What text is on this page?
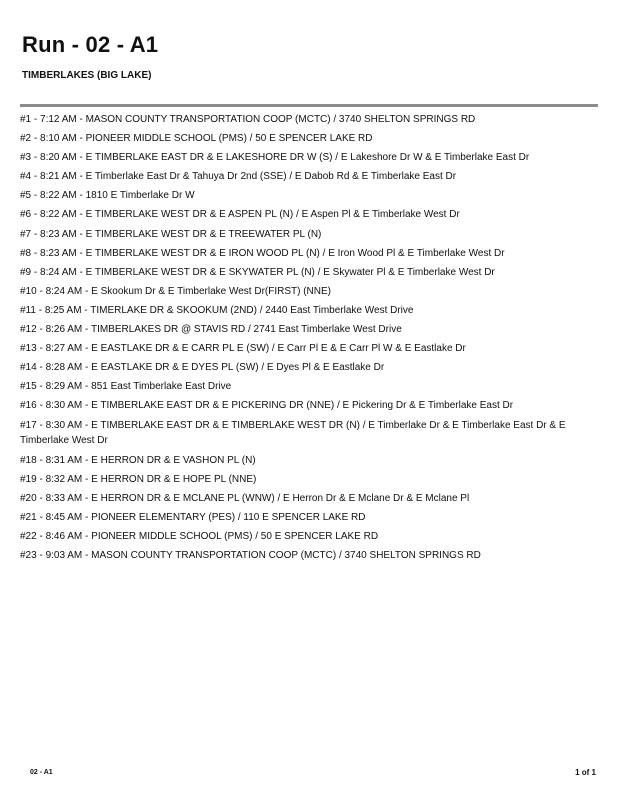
Run - 02 - A1
TIMBERLAKES (BIG LAKE)
#1 - 7:12 AM - MASON COUNTY TRANSPORTATION COOP (MCTC) / 3740 SHELTON SPRINGS RD
#2 - 8:10 AM - PIONEER MIDDLE SCHOOL (PMS) / 50 E SPENCER LAKE RD
#3 - 8:20 AM - E TIMBERLAKE EAST DR & E LAKESHORE DR W (S) / E Lakeshore Dr W & E Timberlake East Dr
#4 - 8:21 AM - E Timberlake East Dr & Tahuya Dr 2nd (SSE) / E Dabob Rd & E Timberlake East Dr
#5 - 8:22 AM - 1810 E Timberlake Dr W
#6 - 8:22 AM - E TIMBERLAKE WEST DR & E ASPEN PL (N) / E Aspen Pl & E Timberlake West Dr
#7 - 8:23 AM - E TIMBERLAKE WEST DR & E TREEWATER PL (N)
#8 - 8:23 AM - E TIMBERLAKE WEST DR & E IRON WOOD PL (N) / E Iron Wood Pl & E Timberlake West Dr
#9 - 8:24 AM - E TIMBERLAKE WEST DR & E SKYWATER PL (N) / E Skywater Pl & E Timberlake West Dr
#10 - 8:24 AM - E Skookum Dr & E Timberlake West Dr(FIRST) (NNE)
#11 - 8:25 AM - TIMERLAKE DR & SKOOKUM (2ND) / 2440 East Timberlake West Drive
#12 - 8:26 AM - TIMBERLAKES DR @ STAVIS RD / 2741 East Timberlake West Drive
#13 - 8:27 AM - E EASTLAKE DR & E CARR PL E (SW) / E Carr Pl E & E Carr Pl W & E Eastlake Dr
#14 - 8:28 AM - E EASTLAKE DR & E DYES PL (SW) / E Dyes Pl & E Eastlake Dr
#15 - 8:29 AM - 851 East Timberlake East Drive
#16 - 8:30 AM - E TIMBERLAKE EAST DR & E PICKERING DR (NNE) / E Pickering Dr & E Timberlake East Dr
#17 - 8:30 AM - E TIMBERLAKE EAST DR & E TIMBERLAKE WEST DR (N) / E Timberlake Dr & E Timberlake East Dr & E Timberlake West Dr
#18 - 8:31 AM - E HERRON DR & E VASHON PL (N)
#19 - 8:32 AM - E HERRON DR & E HOPE PL (NNE)
#20 - 8:33 AM - E HERRON DR & E MCLANE PL (WNW) / E Herron Dr & E Mclane Dr & E Mclane Pl
#21 - 8:45 AM - PIONEER ELEMENTARY (PES) / 110 E SPENCER LAKE RD
#22 - 8:46 AM - PIONEER MIDDLE SCHOOL (PMS) / 50 E SPENCER LAKE RD
#23 - 9:03 AM - MASON COUNTY TRANSPORTATION COOP (MCTC) / 3740 SHELTON SPRINGS RD
02 - A1	1 of 1
